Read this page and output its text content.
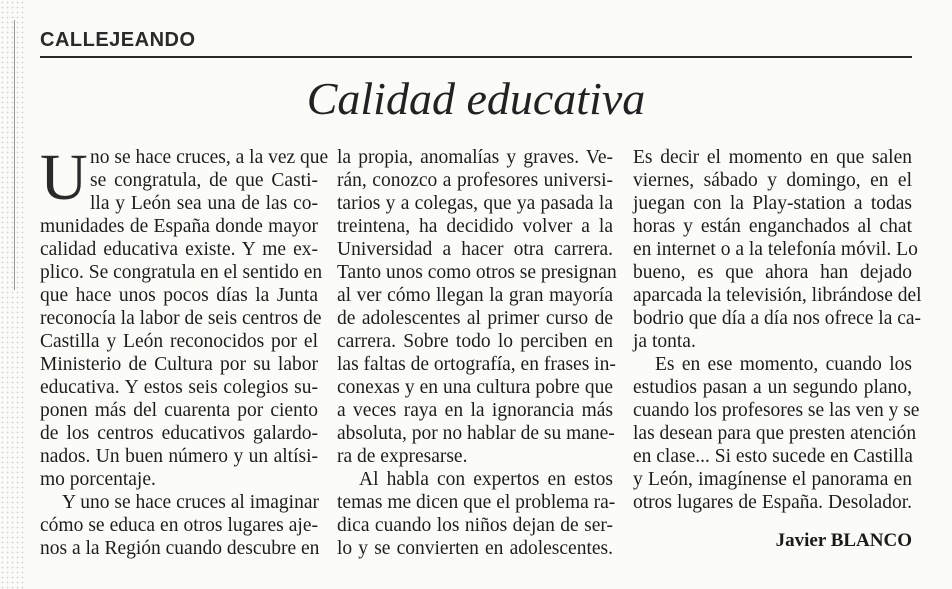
CALLEJEANDO
Calidad educativa
U no se hace cruces, a la vez que
se congratula, de que Casti-
lla y León sea una de las co-
munidades de España donde mayor
calidad educativa existe. Y me ex-
plico. Se congratula en el sentido en
que hace unos pocos días la Junta
reconocía la labor de seis centros de
Castilla y León reconocidos por el
Ministerio de Cultura por su labor
educativa. Y estos seis colegios su-
ponen más del cuarenta por ciento
de los centros educativos galardo-
nados. Un buen número y un altísi-
mo porcentaje.
Y uno se hace cruces al imaginar
cómo se educa en otros lugares aje-
nos a la Región cuando descubre en
la propia, anomalías y graves. Ve-
rán, conozco a profesores universi-
tarios y a colegas, que ya pasada la
treintena, ha decidido volver a la
Universidad a hacer otra carrera.
Tanto unos como otros se presignan
al ver cómo llegan la gran mayoría
de adolescentes al primer curso de
carrera. Sobre todo lo perciben en
las faltas de ortografía, en frases in-
conexas y en una cultura pobre que
a veces raya en la ignorancia más
absoluta, por no hablar de su mane-
ra de expresarse.
Al habla con expertos en estos
temas me dicen que el problema ra-
dica cuando los niños dejan de ser-
lo y se convierten en adolescentes.
Es decir el momento en que salen
viernes, sábado y domingo, en el
juegan con la Play-station a todas
horas y están enganchados al chat
en internet o a la telefonía móvil. Lo
bueno, es que ahora han dejado
aparcada la televisión, librándose del
bodrio que día a día nos ofrece la ca-
ja tonta.
Es en ese momento, cuando los
estudios pasan a un segundo plano,
cuando los profesores se las ven y se
las desean para que presten atención
en clase... Si esto sucede en Castilla
y León, imagínense el panorama en
otros lugares de España. Desolador.
Javier BLANCO
